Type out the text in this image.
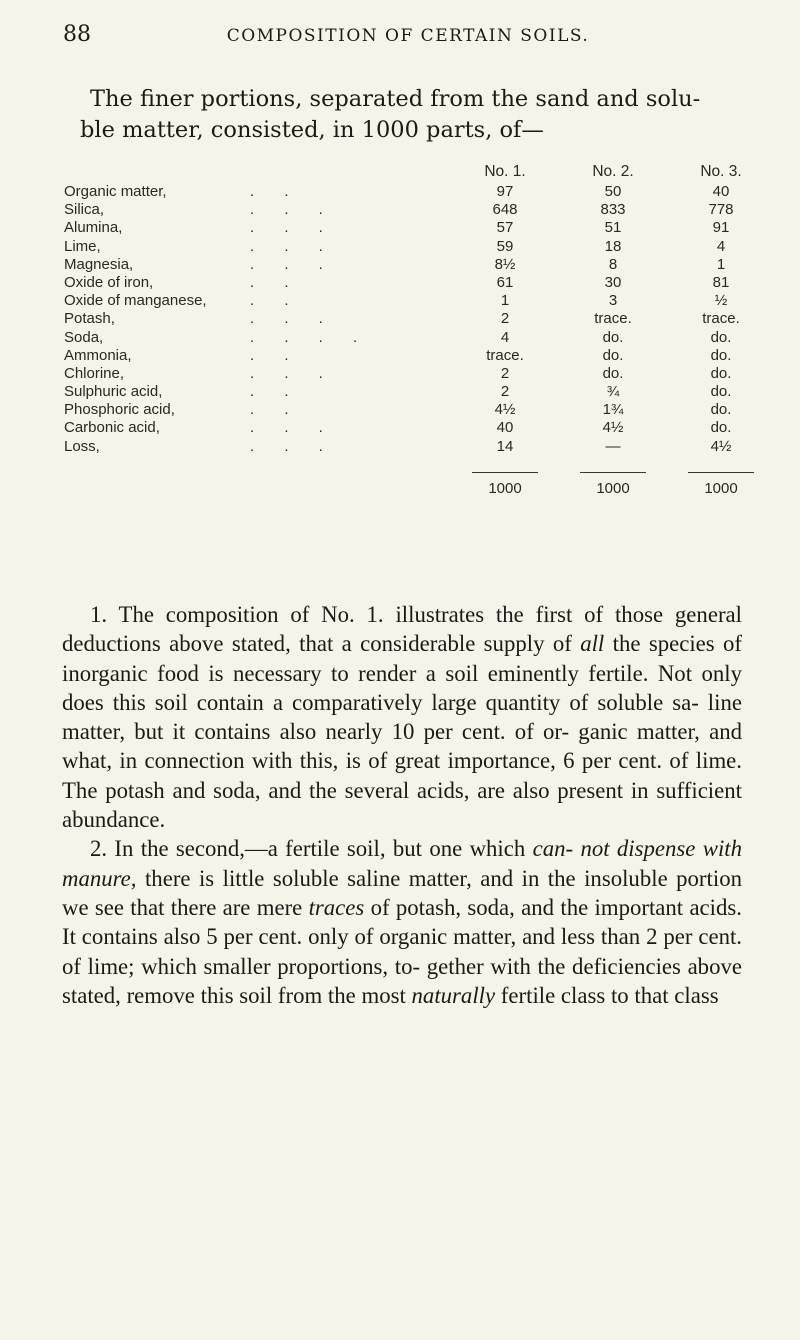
88	COMPOSITION OF CERTAIN SOILS.
The finer portions, separated from the sand and solu-
ble matter, consisted, in 1000 parts, of—
No. 1.	No. 2.	No. 3.
Organic matter,	. .	97	50	40
Silica,	. . .	648	833	778
Alumina,	. . .	57	51	91
Lime,	. . .	59	18	4
Magnesia,	. . .	8½	8	1
Oxide of iron,	. .	61	30	81
Oxide of manganese,	. .	1	3	½
Potash,	. . .	2	trace.	trace.
Soda,	. . . .	4	do.	do.
Ammonia,	. .	trace.	do.	do.
Chlorine,	. . .	2	do.	do.
Sulphuric acid,	. .	2	¾	do.
Phosphoric acid,	. .	4½	1¾	do.
Carbonic acid,	. . .	40	4½	do.
Loss,	. . .	14	—	4½
1000	1000	1000

1. The composition of No. 1. illustrates the first of those general deductions above stated, that a considerable supply of all the species of inorganic food is necessary to render a soil eminently fertile. Not only does this soil contain a comparatively large quantity of soluble sa- line matter, but it contains also nearly 10 per cent. of or- ganic matter, and what, in connection with this, is of great importance, 6 per cent. of lime. The potash and soda, and the several acids, are also present in sufficient abundance.

2. In the second,—a fertile soil, but one which can- not dispense with manure, there is little soluble saline matter, and in the insoluble portion we see that there are mere traces of potash, soda, and the important acids. It contains also 5 per cent. only of organic matter, and less than 2 per cent. of lime; which smaller proportions, to- gether with the deficiencies above stated, remove this soil from the most naturally fertile class to that class
